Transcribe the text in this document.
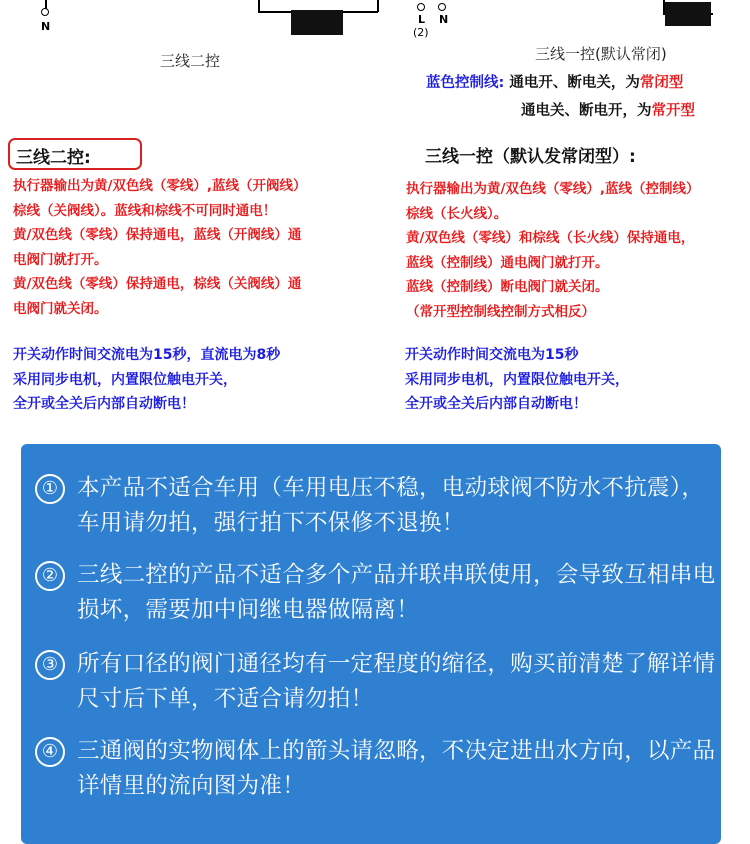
N
三线二控
L N
(2)
三线一控(默认常闭)
蓝色控制线: 通电开、断电关，为常闭型
通电关、断电开，为常开型
三线二控:
执行器输出为黄/双色线（零线）,蓝线（开阀线）
棕线（关阀线）。蓝线和棕线不可同时通电！
黄/双色线（零线）保持通电，蓝线（开阀线）通
电阀门就打开。
黄/双色线（零线）保持通电，棕线（关阀线）通
电阀门就关闭。
开关动作时间交流电为15秒，直流电为8秒
采用同步电机，内置限位触电开关，
全开或全关后内部自动断电！
三线一控（默认发常闭型）:
执行器输出为黄/双色线（零线）,蓝线（控制线）
棕线（长火线）。
黄/双色线（零线）和棕线（长火线）保持通电，
蓝线（控制线）通电阀门就打开。
蓝线（控制线）断电阀门就关闭。
（常开型控制线控制方式相反）
开关动作时间交流电为15秒
采用同步电机，内置限位触电开关，
全开或全关后内部自动断电！
① 本产品不适合车用（车用电压不稳，电动球阀不防水不抗震），车用请勿拍，强行拍下不保修不退换！
② 三线二控的产品不适合多个产品并联串联使用，会导致互相串电损坏，需要加中间继电器做隔离！
③ 所有口径的阀门通径均有一定程度的缩径，购买前清楚了解详情尺寸后下单，不适合请勿拍！
④ 三通阀的实物阀体上的箭头请忽略，不决定进出水方向，以产品详情里的流向图为准！
